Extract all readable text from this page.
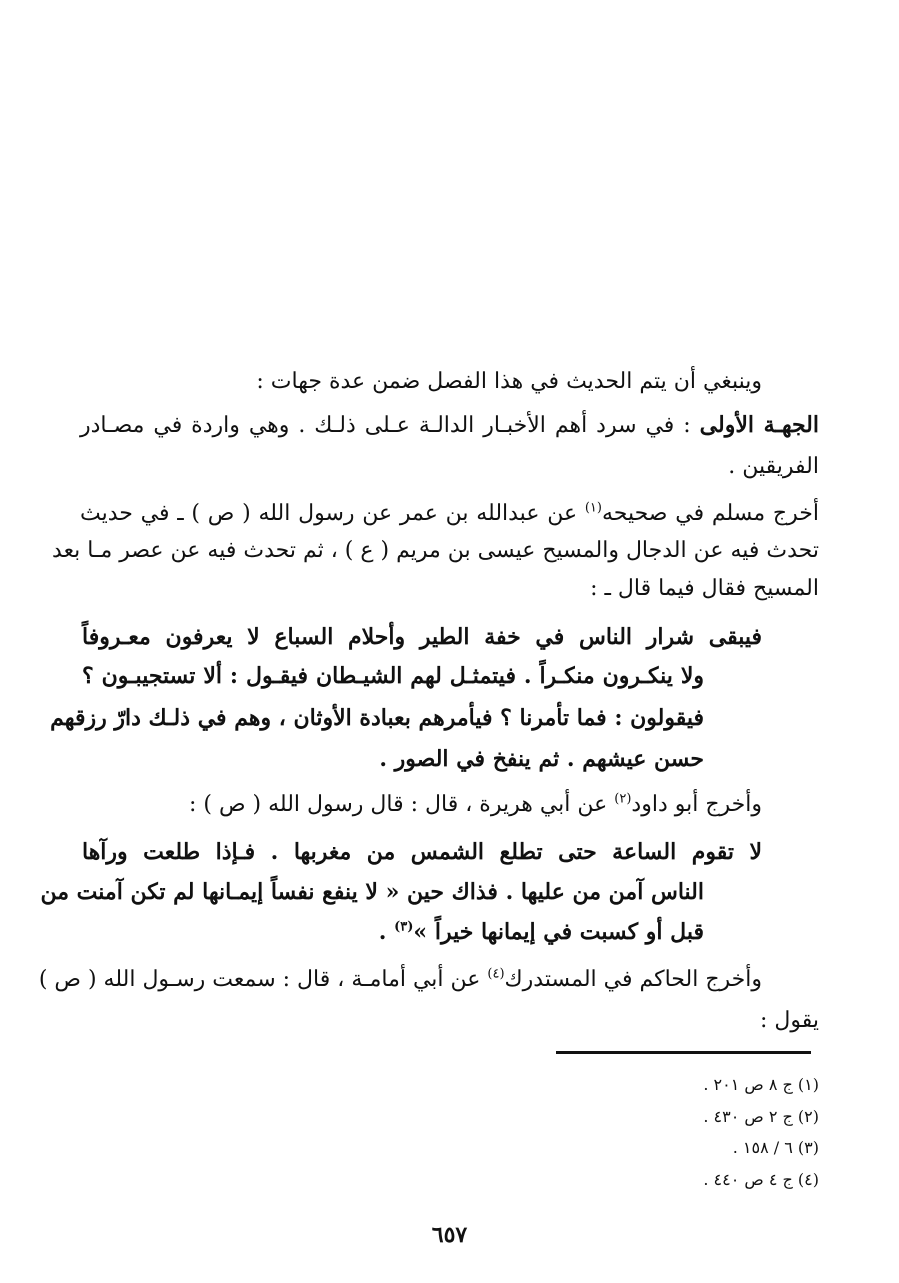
وينبغي أن يتم الحديث في هذا الفصل ضمن عدة جهات :
الجهـة الأولى : في سرد أهم الأخبـار الدالـة عـلى ذلـك . وهي واردة في مصـادر
الفريقين .
أخرج مسلم في صحيحه$^{(١)}$ عن عبدالله بن عمر عن رسول الله ( ص ) ـ في حديث
تحدث فيه عن الدجال والمسيح عيسى بن مريم ( ع ) ، ثم تحدث فيه عن عصر مـا بعد
المسيح فقال فيما قال ـ :
فيبقى شرار الناس في خفة الطير وأحلام السباع لا يعرفون معـروفاً
ولا ينكـرون منكـراً . فيتمثـل لهم الشيـطان فيقـول : ألا تستجيبـون ؟
فيقولون : فما تأمرنا ؟ فيأمرهم بعبادة الأوثان ، وهم في ذلـك دارّ رزقهم
حسن عيشهم . ثم ينفخ في الصور .
وأخرج أبو داود$^{(٢)}$ عن أبي هريرة ، قال : قال رسول الله ( ص ) :
لا تقوم الساعة حتى تطلع الشمس من مغربها . فـإذا طلعت ورآها
الناس آمن من عليها . فذاك حين « لا ينفع نفساً إيمـانها لم تكن آمنت من
قبل أو كسبت في إيمانها خيراً »$^{(٣)}$ .
وأخرج الحاكم في المستدرك$^{(٤)}$ عن أبي أمامـة ، قال : سمعت رسـول الله ( ص )
يقول :
(١) ج ٨ ص ٢٠١ .
(٢) ج ٢ ص ٤٣٠ .
(٣) ٦ / ١٥٨ .
(٤) ج ٤ ص ٤٤٠ .
٦٥٧
